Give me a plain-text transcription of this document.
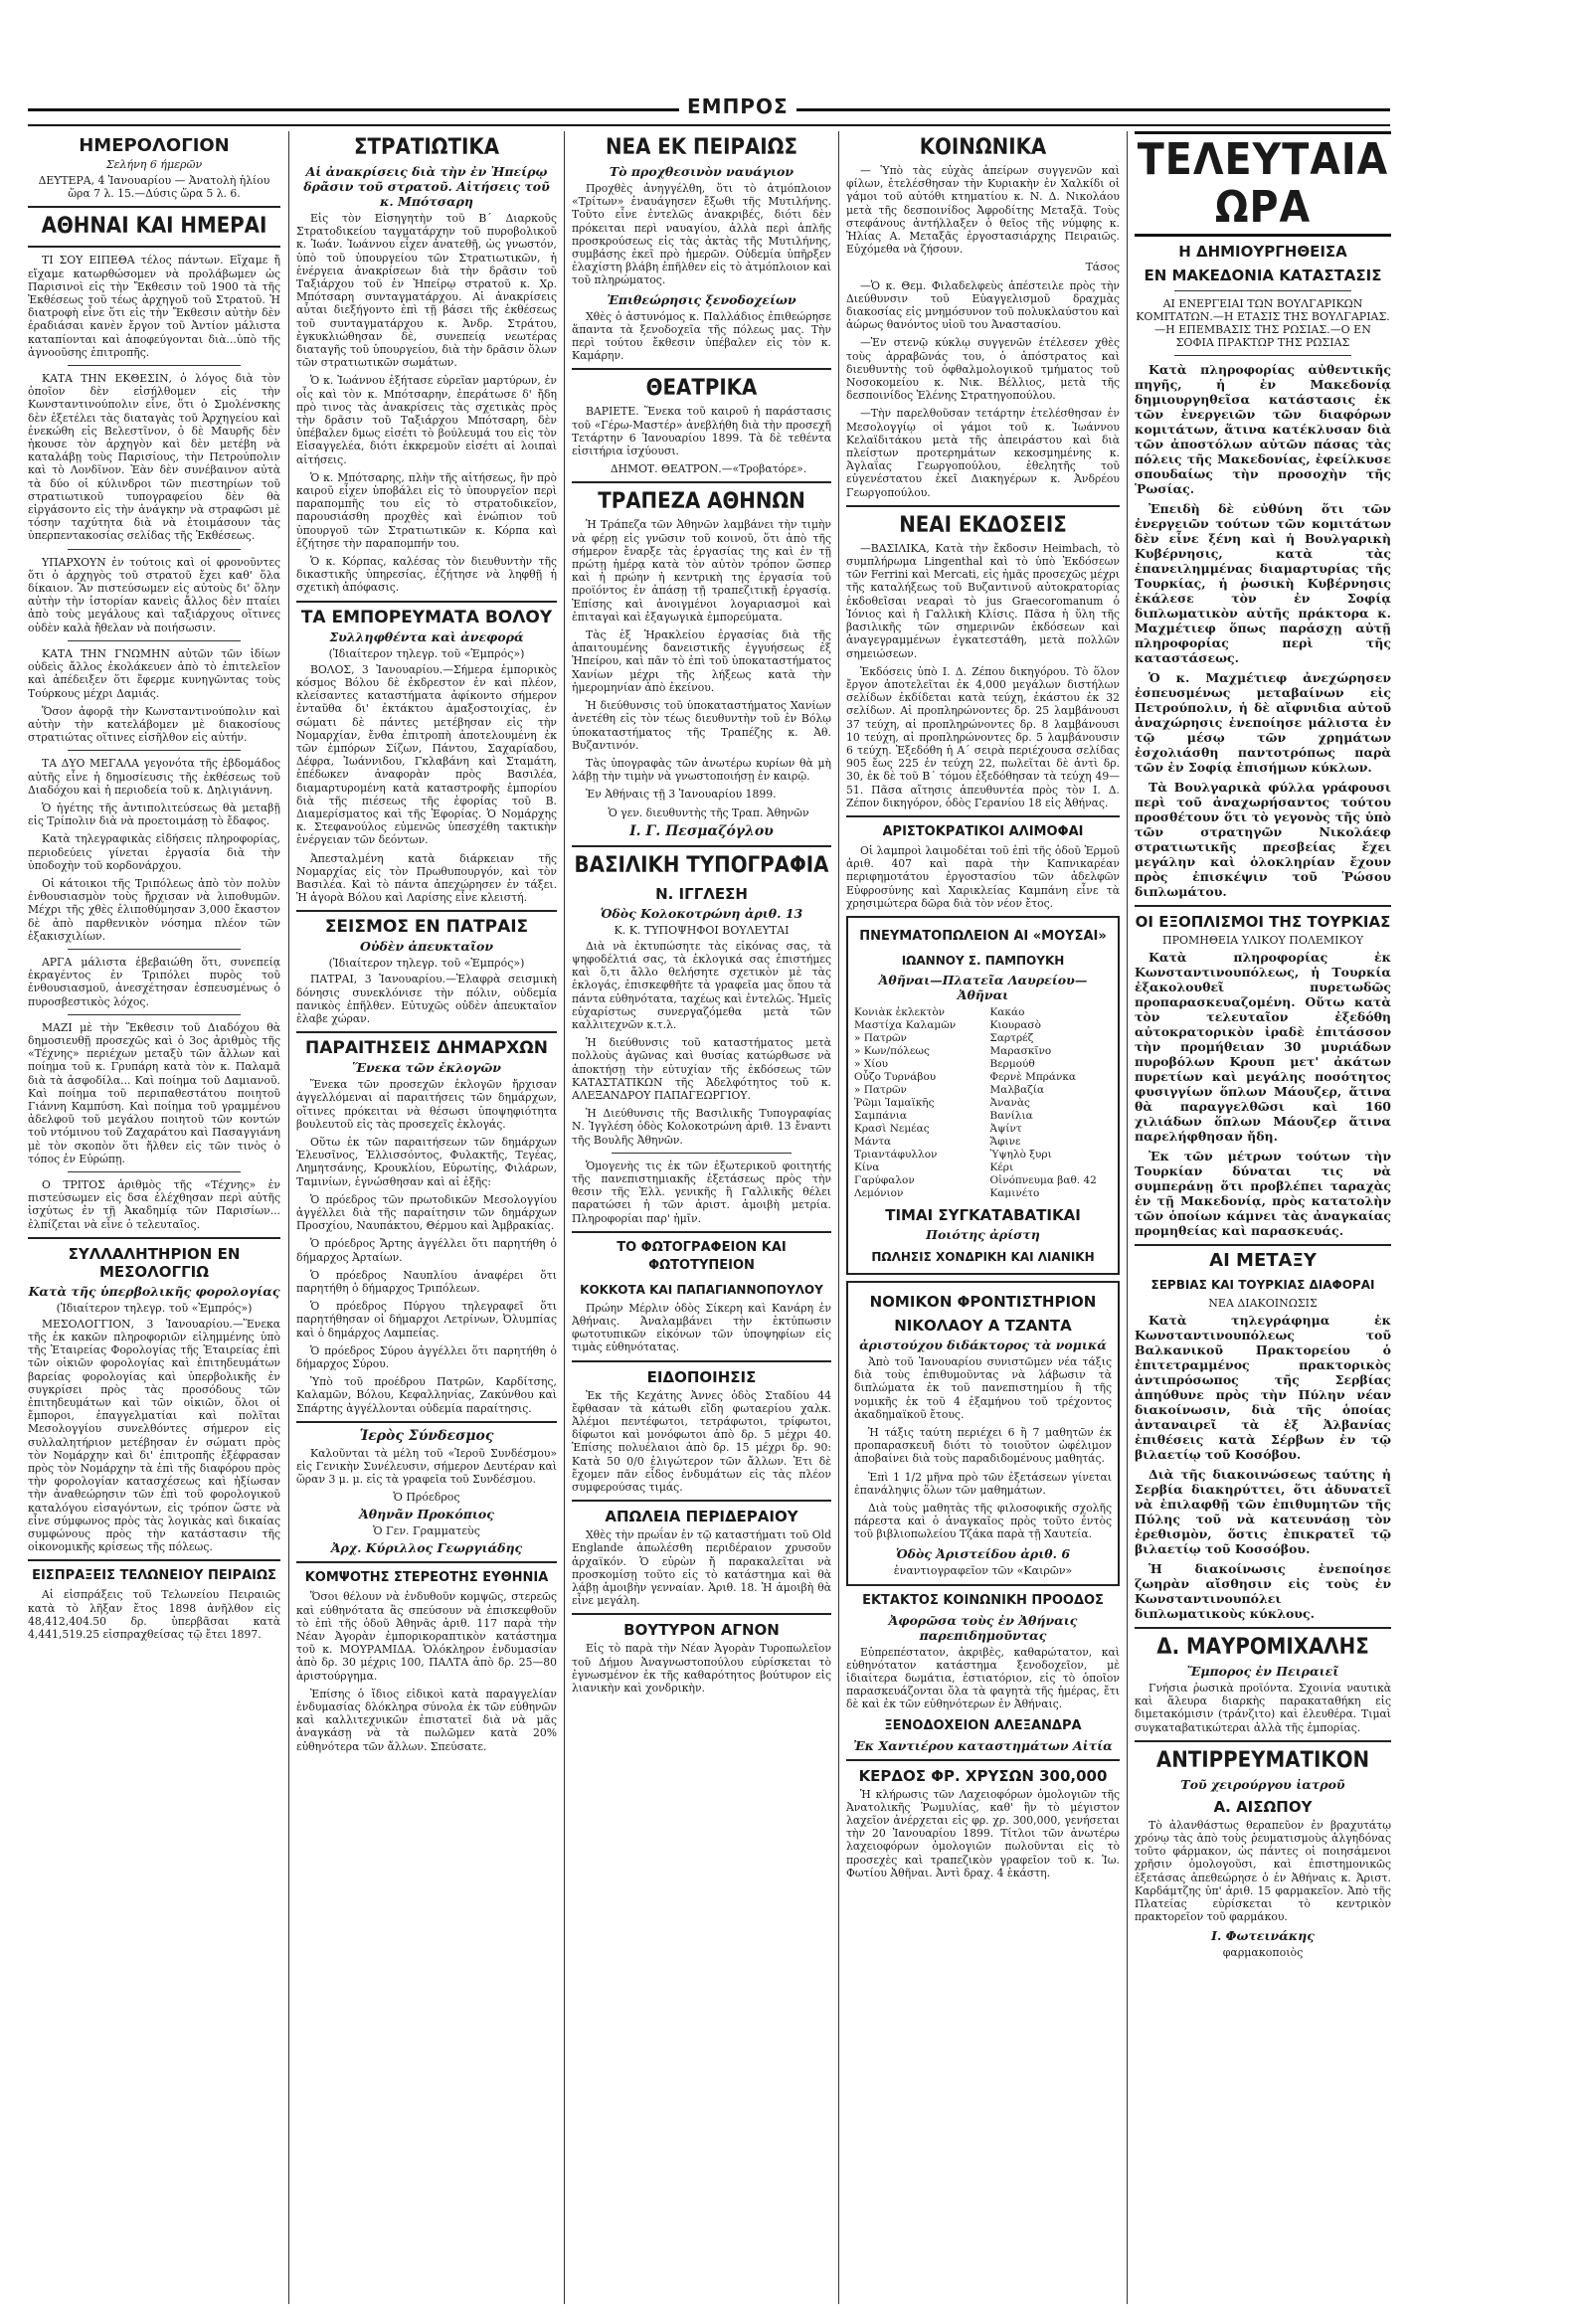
ΕΜΠΡΟΣ
ΗΜΕΡΟΛΟΓΙΟΝ
Σελήνη 6 ήμερῶν
ΔΕΥΤΕΡΑ, 4 Ἰανουαρίου — Ἀνατολὴ ἡλίου ὥρα 7 λ. 15.—Δύσις ὥρα 5 λ. 6.
ΑΘΗΝΑΙ ΚΑΙ ΗΜΕΡΑΙ

ΤΙ ΣΟΥ ΕΙΠΕΘΑ τέλος πάντων. Εἴχαμε ἤ εἴχαμε κατωρθώσομεν νὰ προλάβωμεν ὡς Παρισινοὶ εἰς τὴν Ἔκθεσιν τοῦ 1900 τὰ τῆς Ἐκθέσεως τοῦ τέως ἀρχηγοῦ τοῦ Στρατοῦ. Ἡ διατροφὴ εἶνε ὅτι εἰς τὴν Ἔκθεσιν αὐτὴν δὲν ἐραδιάσαι κανὲν ἔργον τοῦ Ἀντίον μάλιστα καταπίονται καὶ ἀποφεύγονται διὰ...ὑπὸ τῆς ἀγνοοῦσης ἐπιτροπῆς.

ΚΑΤΑ ΤΗΝ ΕΚΘΕΣΙΝ, ὁ λόγος διὰ τὸν ὁποῖον δὲν εἰσήλθομεν εἰς τὴν Κωνσταντινούπολιν εἶνε, ὅτι ὁ Σμολένσκης δὲν ἐξετέλει τὰς διαταγὰς τοῦ Ἀρχηγείου καὶ ἐνεκώθη εἰς Βελεστῖνον, ὁ δὲ Μαυρῆς δὲν ἠκουσε τὸν ἀρχηγὸν καὶ δὲν μετέβη νὰ καταλάβῃ τοὺς Παρισίους, τὴν Πετρούπολιν καὶ τὸ Λονδῖνον. Ἐὰν δὲν συνέβαινον αὐτὰ τὰ δύο οἱ κύλινδροι τῶν πιεστηρίων τοῦ στρατιωτικοῦ τυπογραφείου δὲν θὰ εἰργάσοντο εἰς τὴν ἀνάγκην νὰ στραφῶσι μὲ τόσην ταχύτητα διὰ νὰ ἑτοιμάσουν τὰς ὑπερπεντακοσίας σελίδας τῆς Ἐκθέσεως.

ΥΠΑΡΧΟΥΝ ἐν τούτοις καὶ οἱ φρονοῦντες ὅτι ὁ ἀρχηγὸς τοῦ στρατοῦ ἔχει καθ' ὅλα δίκαιον. Ἂν πιστεύσωμεν εἰς αὐτοὺς δι' ὅλην αὐτὴν τὴν ἱστορίαν κανεὶς ἄλλος δὲν πταίει ἀπὸ τοὺς μεγάλους καὶ ταξιάρχους οἵτινες οὐδὲν καλὰ ἤθελαν νὰ ποιήσωσιν.

ΚΑΤΑ ΤΗΝ ΓΝΩΜΗΝ αὐτῶν τῶν ἰδίων οὐδεὶς ἄλλος ἐκολάκευεν ἀπὸ τὸ ἐπιτελεῖον καὶ ἀπέδειξεν ὅτι ἔφερμε κυνηγῶντας τοὺς Τούρκους μέχρι Δαμιάς.

Ὅσον ἀφορᾷ τὴν Κωνσταντινούπολιν καὶ αὐτὴν τὴν κατελάβομεν μὲ διακοσίους στρατιώτας οἵτινες εἰσῆλθον εἰς αὐτήν.

ΤΑ ΔΥΟ ΜΕΓΑΛΑ γεγονότα τῆς ἑβδομάδος αὐτῆς εἶνε ἡ δημοσίευσις τῆς ἐκθέσεως τοῦ Διαδόχου καὶ ἡ περιοδεία τοῦ κ. Δηλιγιάννη.

Ὁ ἡγέτης τῆς ἀντιπολιτεύσεως θὰ μεταβῇ εἰς Τρίπολιν διὰ νὰ προετοιμάσῃ τὸ ἔδαφος.

Κατὰ τηλεγραφικὰς εἰδήσεις πληροφορίας, περιοδεύεις γίνεται ἐργασία διὰ τὴν ὑποδοχὴν τοῦ κορδονάρχου.

Οἱ κάτοικοι τῆς Τριπόλεως ἀπὸ τὸν πολὺν ἐνθουσιασμὸν τοὺς ἤρχισαν νὰ λιποθυμῶν. Μέχρι τῆς χθὲς ἐλιποθύμησαν 3,000 ἔκαστον δὲ ἀπὸ παρθενικὸν νόσημα πλέον τῶν ἑξακισχιλίων.

ΑΡΓΑ μάλιστα ἐβεβαιώθη ὅτι, συνεπείᾳ ἐκραγέντος ἐν Τριπόλει πυρὸς τοῦ ἐνθουσιασμοῦ, ἀνεσχέτησαν ἐσπευσμένως ὁ πυροσβεστικὸς λόχος.

ΜΑΖΙ μὲ τὴν Ἔκθεσιν τοῦ Διαδόχου θὰ δημοσιευθῇ προσεχῶς καὶ ὁ 3ος ἀριθμὸς τῆς «Τέχνης» περιέχων μεταξὺ τῶν ἄλλων καὶ ποίημα τοῦ κ. Γρυπάρη κατὰ τὸν κ. Παλαμᾶ διὰ τὰ ἀσφοδίλα... Καὶ ποίημα τοῦ Δαμιανοῦ. Καὶ ποίημα τοῦ περιπαθεστάτου ποιητοῦ Γιάννη Καμπύση. Καὶ ποίημα τοῦ γραμμένου ἀδελφοῦ τοῦ μεγάλου ποιητοῦ τῶν κοντών τοῦ ντόμινου τοῦ Ζαχαράτου καὶ Πασαγγιάνη μὲ τὸν σκοπὸν ὅτι ἤλθεν εἰς τῶν τινὸς ὁ τόπος ἐν Εὐρώπῃ.

Ο ΤΡΙΤΟΣ ἀριθμὸς τῆς «Τέχνης» ἐν πιστεύσωμεν εἰς δσα ἐλέχθησαν περὶ αὐτῆς ἰσχύτως ἐν τῇ Ἀκαδημίᾳ τῶν Παρισίων... ἐλπίζεται νὰ εἶνε ὁ τελευταῖος.

ΣΥΛΛΑΛΗΤΗΡΙΟΝ ΕΝ ΜΕΣΟΛΟΓΓΙΩ
Κατὰ τῆς ὑπερβολικῆς φορολογίας
(Ἰδιαίτερον τηλεγρ. τοῦ «Ἐμπρός»)

ΜΕΣΟΛΟΓΓΙΟΝ, 3 Ἰανουαρίου.—Ἕνεκα τῆς ἐκ κακῶν πληροφοριῶν εἰλημμένης ὑπὸ τῆς Ἐταιρείας Φορολογίας τῆς Ἑταιρείας ἐπὶ τῶν οἰκιῶν φορολογίας καὶ ἐπιτηδευμάτων βαρείας φορολογίας καὶ ὑπερβολικῆς ἐν συγκρίσει πρὸς τὰς προσόδους τῶν ἐπιτηδευμάτων καὶ τῶν οἰκιῶν, ὅλοι οἱ ἔμποροι, ἐπαγγελματίαι καὶ πολῖται Μεσολογγίου συνελθόντες σήμερον εἰς συλλαλητήριον μετέβησαν ἐν σώματι πρὸς τὸν Νομάρχην καὶ δι' ἐπιτροπῆς ἐξέφρασαν πρὸς τὸν Νομάρχην τὰ ἐπὶ τῆς διαφόρου πρὸς τὴν φορολογίαν κατασχέσεως καὶ ἠξίωσαν τὴν ἀναθεώρησιν τῶν ἐπὶ τοῦ φορολογικοῦ καταλόγου εἰσαγόντων, εἰς τρόπον ὥστε νὰ εἶνε σύμφωνος πρὸς τὰς λογικὰς καὶ δικαίας συμφώνους πρὸς τὴν κατάστασιν τῆς οἰκονομικῆς κρίσεως τῆς πόλεως.

ΕΙΣΠΡΑΞΕΙΣ ΤΕΛΩΝΕΙΟΥ ΠΕΙΡΑΙΩΣ

Αἱ εἰσπράξεις τοῦ Τελωνείου Πειραιῶς κατὰ τὸ λῆξαν ἔτος 1898 ἀνῆλθον εἰς 48,412,404.50 δρ. ὑπερβᾶσαι κατὰ 4,441,519.25 εἰσπραχθείσας τῷ ἔτει 1897.

ΣΤΡΑΤΙΩΤΙΚΑ
Αἱ ἀνακρίσεις διὰ τὴν ἐν Ἠπείρῳ δρᾶσιν τοῦ στρατοῦ. Αἰτήσεις τοῦ κ. Μπότσαρη

Εἰς τὸν Εἰσηγητὴν τοῦ Β΄ Διαρκοῦς Στρατοδικείου ταγματάρχην τοῦ πυροβολικοῦ κ. Ἰωάν. Ἰωάννου εἶχεν ἀνατεθῇ, ὡς γνωστόν, ὑπὸ τοῦ ὑπουργείου τῶν Στρατιωτικῶν, ἡ ἐνέργεια ἀνακρίσεων διὰ τὴν δρᾶσιν τοῦ Ταξιάρχου τοῦ ἐν Ἠπείρῳ στρατοῦ κ. Χρ. Μπότσαρη συνταγματάρχου. Αἱ ἀνακρίσεις αὗται διεξήγοντο ἐπὶ τῇ βάσει τῆς ἐκθέσεως τοῦ συνταγματάρχου κ. Ἀνδρ. Στράτου, ἐγκυκλιώθησαν δὲ, συνεπείᾳ νεωτέρας διαταγῆς τοῦ ὑπουργείου, διὰ τὴν δρᾶσιν ὅλων τῶν στρατιωτικῶν σωμάτων.

Ὁ κ. Ἰωάννου ἐξήτασε εὐρεῖαν μαρτύρων, ἐν οἷς καὶ τὸν κ. Μπότσαρην, ἐπεράτωσε δ' ἤδη πρὸ τινος τὰς ἀνακρίσεις τὰς σχετικὰς πρὸς τὴν δρᾶσιν τοῦ Ταξιάρχου Μπότσαρη, δὲν ὑπέβαλεν δμως εἰσέτι τὸ βούλευμά του εἰς τὸν Εἰσαγγελέα, διότι ἐκκρεμοῦν εἰσέτι αἱ λοιπαὶ αἰτήσεις.

Ὁ κ. Μπότσαρης, πλὴν τῆς αἰτήσεως, ἣν πρὸ καιροῦ εἶχεν ὑποβάλει εἰς τὸ ὑπουργεῖον περὶ παραπομπῆς του εἰς τὸ στρατοδικεῖον, παρουσιάσθη προχθὲς καὶ ἐνώπιον τοῦ ὑπουργοῦ τῶν Στρατιωτικῶν κ. Κόρπα καὶ ἐζήτησε τὴν παραπομπήν του.

Ὁ κ. Κόρπας, καλέσας τὸν διευθυντὴν τῆς δικαστικῆς ὑπηρεσίας, ἐζήτησε νὰ ληφθῇ ἡ σχετικὴ ἀπόφασις.

ΤΑ ΕΜΠΟΡΕΥΜΑΤΑ ΒΟΛΟΥ
Συλληφθέντα καὶ ἀνεφορά
(Ἰδιαίτερον τηλεγρ. τοῦ «Ἐμπρός»)

ΒΟΛΟΣ, 3 Ἰανουαρίου.—Σήμερα ἐμπορικὸς κόσμος Βόλου δὲ ἐκδρεστον ἐν καὶ πλέον, κλείσαντες καταστήματα ἀφίκοντο σήμερον ἐνταῦθα δι' ἐκτάκτου ἀμαξοστοιχίας, ἐν σώματι δὲ πάντες μετέβησαν εἰς τὴν Νομαρχίαν, ἔνθα ἐπιτροπὴ ἀποτελουμένη ἐκ τῶν ἐμπόρων Σίζων, Πάντου, Σαχαρίαδου, Δέφρα, Ἰωάννιδου, Γκλαβάνη καὶ Σταμάτη, ἐπέδωκεν ἀναφορὰν πρὸς Βασιλέα, διαμαρτυρομένη κατὰ καταστροφῆς ἐμπορίου διὰ τῆς πιέσεως τῆς ἐφορίας τοῦ Β. Διαμερίσματος καὶ τῆς Ἐφορίας. Ὁ Νομάρχης κ. Στεφανούλος εὐμενῶς ὑπεσχέθη τακτικὴν ἐνέργειαν τῶν δεόντων.

Ἀπεσταλμένη κατὰ διάρκειαν τῆς Νομαρχίας εἰς τὸν Πρωθυπουργόν, καὶ τὸν Βασιλέα. Καὶ τὸ πάντα ἀπεχώρησεν ἐν τάξει. Ἡ ἀγορὰ Βόλου καὶ Λαρίσης εἶνε κλειστή.

ΣΕΙΣΜΟΣ ΕΝ ΠΑΤΡΑΙΣ
Οὐδὲν ἀπευκταῖον
(Ἰδιαίτερον τηλεγρ. τοῦ «Ἐμπρός»)

ΠΑΤΡΑΙ, 3 Ἰανουαρίου.—Ἐλαφρὰ σεισμικὴ δόνησις συνεκλόνισε τὴν πόλιν, οὐδεμία πανικὸς ἐπῆλθεν. Εὐτυχῶς οὐδὲν ἀπευκταῖον ἐλαβε χώραν.

ΠΑΡΑΙΤΗΣΕΙΣ ΔΗΜΑΡΧΩΝ
Ἕνεκα τῶν ἐκλογῶν

Ἕνεκα τῶν προσεχῶν ἐκλογῶν ἤρχισαν ἀγγελλόμεναι αἱ παραιτήσεις τῶν δημάρχων, οἵτινες πρόκειται νὰ θέσωσι ὑποψηφιότητα βουλευτοῦ εἰς τὰς προσεχεῖς ἐκλογάς.

Οὕτω ἐκ τῶν παραιτήσεων τῶν δημάρχων Ἐλευσῖνος, Ἐλλισσόντος, Φυλακτῆς, Τεγέας, Λημητσάνης, Κρουκλίου, Εὐρωτίης, Φιλάρων, Ταμινίων, ἐγνώσθησαν καὶ αἱ ἑξῆς:

Ὁ πρόεδρος τῶν πρωτοδικῶν Μεσολογγίου ἀγγέλλει διὰ τῆς παραίτησιν τῶν δημάρχων Προσχίου, Ναυπάκτου, Θέρμου καὶ Ἀμβρακίας.

Ὁ πρόεδρος Ἄρτης ἀγγέλλει ὅτι παρητήθη ὁ δήμαρχος Ἀρταίων.

Ὁ πρόεδρος Ναυπλίου ἀναφέρει ὅτι παρητήθη ὁ δήμαρχος Τριπόλεων.

Ὁ πρόεδρος Πύργου τηλεγραφεῖ ὅτι παρητήθησαν οἱ δήμαρχοι Λετρίνων, Ὀλυμπίας καὶ ὁ δημάρχος Λαμπείας.

Ὁ πρόεδρος Σύρου ἀγγέλλει ὅτι παρητήθη ὁ δήμαρχος Σύρου.

Ὑπὸ τοῦ προέδρου Πατρῶν, Καρδίτσης, Καλαμῶν, Βόλου, Κεφαλληνίας, Ζακύνθου καὶ Σπάρτης ἀγγέλλονται οὐδεμία παραίτησις.

Ἱερὸς Σύνδεσμος

Καλοῦνται τὰ μέλη τοῦ «Ἱεροῦ Συνδέσμου» εἰς Γενικὴν Συνέλευσιν, σήμερον Δευτέραν καὶ ὥραν 3 μ. μ. εἰς τὰ γραφεῖα τοῦ Συνδέσμου.

Ὁ Πρόεδρος
Ἀθηνᾶν Προκόπιος
Ὁ Γεν. Γραμματεὺς
Ἀρχ. Κύριλλος Γεωργιάδης
ΚΟΜΨΟΤΗΣ ΣΤΕΡΕΟΤΗΣ ΕΥΘΗΝΙΑ

Ὅσοι θέλουν νὰ ἐνδυθοῦν κομψῶς, στερεῶς καὶ εὐθηνότατα ἃς σπεύσουν νὰ ἐπισκεφθοῦν τὸ ἐπὶ τῆς ὁδοῦ Ἀθηνᾶς ἀριθ. 117 παρὰ τὴν Νέαν Ἀγορὰν ἐμπορικοραπτικὸν κατάστημα τοῦ κ. ΜΟΥΡΑΜΙΔΑ. Ὁλόκληρον ἐνδυμασίαν ἀπὸ δρ. 30 μέχρις 100, ΠΑΛΤΑ ἀπὸ δρ. 25—80 ἀριστούργημα.

Ἐπίσης ὁ ἴδιος εἰδικοὶ κατὰ παραγγελίαν ἐνδυμασίας δλόκληρα σύνολα ἐκ τῶν εὐθηνῶν καὶ καλλιτεχνικῶν ἐπιστατεῖ διὰ νὰ μᾶς ἀναγκάσῃ νὰ τὰ πωλῶμεν κατὰ 20% εὐθηνότερα τῶν ἄλλων. Σπεύσατε.

ΝΕΑ ΕΚ ΠΕΙΡΑΙΩΣ
Τὸ προχθεσινὸν ναυάγιον

Προχθὲς ἀνηγγέλθη, ὅτι τὸ ἀτμόπλοιον «Τρίτων» ἐναυάγησεν ἔξωθι τῆς Μυτιλήνης. Τοῦτο εἶνε ἐντελῶς ἀνακριβές, διότι δὲν πρόκειται περὶ ναυαγίου, ἀλλὰ περὶ ἁπλῆς προσκρούσεως εἰς τὰς ἀκτὰς τῆς Μυτιλήνης, συμβάσης ἐκεῖ πρὸ ἡμερῶν. Οὐδεμία ὑπῆρξεν ἐλαχίστη βλάβη ἐπῆλθεν εἰς τὸ ἀτμόπλοιον καὶ τοῦ πληρώματος.

Ἐπιθεώρησις ξενοδοχείων

Χθὲς ὁ ἀστυνόμος κ. Παλλάδιος ἐπιθεώρησε ἅπαντα τὰ ξενοδοχεῖα τῆς πόλεως μας. Τὴν περὶ τούτου ἔκθεσιν ὑπέβαλεν εἰς τὸν κ. Καμάρην.

ΘΕΑΤΡΙΚΑ

ΒΑΡΙΕΤΕ. Ἕνεκα τοῦ καιροῦ ἡ παράστασις τοῦ «Γέρω-Μαστέρ» ἀνεβλήθη διὰ τὴν προσεχῆ Τετάρτην 6 Ἰανουαρίου 1899. Τὰ δὲ τεθέντα εἰσιτήρια ἰσχύουσι.

ΔΗΜΟΤ. ΘΕΑΤΡΟΝ.—«Τροβατόρε».

ΤΡΑΠΕΖΑ ΑΘΗΝΩΝ

Ἡ Τράπεζα τῶν Ἀθηνῶν λαμβάνει τὴν τιμὴν νὰ φέρῃ εἰς γνῶσιν τοῦ κοινοῦ, ὅτι ἀπὸ τῆς σήμερον ἔναρξε τὰς ἐργασίας της καὶ ἐν τῇ πρώτῃ ἡμέρᾳ κατὰ τὸν αὐτὸν τρόπον ὥσπερ καὶ ἡ πρώην ἡ κεντρικὴ της ἐργασία τοῦ προϊόντος ἐν ἀπάσῃ τῇ τραπεζιτικῇ ἐργασίᾳ. Ἐπίσης καὶ ἀνοιγμένοι λογαριασμοὶ καὶ ἐπιταγαὶ καὶ ἐξαγωγικὰ ἐμπορεύματα.

Τὰς ἐξ Ἡρακλείου ἐργασίας διὰ τῆς ἀπαιτουμένης δανειστικῆς ἐγγυήσεως ἐξ Ἠπείρου, καὶ πᾶν τὸ ἐπὶ τοῦ ὑποκαταστήματος Χανίων μέχρι τῆς λήξεως κατὰ τὴν ἡμερομηνίαν ἀπὸ ἐκείνου.

Ἡ διεύθυνσις τοῦ ὑποκαταστήματος Χανίων ἀνετέθη εἰς τὸν τέως διευθυντὴν τοῦ ἐν Βόλῳ ὑποκαταστήματος τῆς Τραπέζης κ. Ἀθ. Βυζαντινόν.

Τὰς ὑπογραφὰς τῶν ἀνωτέρω κυρίων θὰ μὴ λάβῃ τὴν τιμὴν νὰ γνωστοποιήσῃ ἐν καιρῷ.

Ἐν Ἀθήναις τῇ 3 Ἰανουαρίου 1899.

Ὁ γεν. διευθυντὴς τῆς Τραπ. Ἀθηνῶν

Ι. Γ. Πεσμαζόγλου
ΒΑΣΙΛΙΚΗ ΤΥΠΟΓΡΑΦΙΑ
Ν. ΙΓΓΛΕΣΗ
Ὁδὸς Κολοκοτρώνη ἀριθ. 13
Κ. Κ. ΤΥΠΟΨΗΦΟΙ ΒΟΥΛΕΥΤΑΙ

Διὰ νὰ ἐκτυπώσητε τὰς εἰκόνας σας, τὰ ψηφοδέλτιά σας, τὰ ἐκλογικά σας ἐπιστήμες καὶ ὅ,τι ἄλλο θελήσητε σχετικὸν μὲ τὰς ἐκλογάς, ἐπισκεφθῆτε τὰ γραφεῖα μας ὅπου τὰ πάντα εὐθηνότατα, ταχέως καὶ ἐντελῶς. Ἡμεῖς εὐχαρίστως συνεργαζόμεθα μετὰ τῶν καλλιτεχνῶν κ.τ.λ.

Ἡ διεύθυνσις τοῦ καταστήματος μετὰ πολλοὺς ἀγῶνας καὶ θυσίας κατώρθωσε νὰ ἀποκτήσῃ τὴν εὐτυχίαν τῆς ἐκδόσεως τῶν ΚΑΤΑΣΤΑΤΙΚΩΝ τῆς Ἀδελφότητος τοῦ κ. ΑΛΕΞΑΝΔΡΟΥ ΠΑΠΑΓΕΩΡΓΙΟΥ.

Ἡ Διεύθυνσις τῆς Βασιλικῆς Τυπογραφίας Ν. Ἰγγλέση ὁδὸς Κολοκοτρώνη ἀριθ. 13 ἔναντι τῆς Βουλῆς Ἀθηνῶν.

Ὁμογενὴς τις ἐκ τῶν ἐξωτερικοῦ φοιτητής τῆς πανεπιστημιακῆς ἐξετάσεως πρὸς τὴν θεσιν τῆς Ἑλλ. γενικῆς ἢ Γαλλικῆς θέλει παρατώσει ἡ τῶν ἀριστ. ἀμοιβὴ μετρία. Πληροφορίαι παρ' ἡμῖν.

ΤΟ ΦΩΤΟΓΡΑΦΕΙΟΝ ΚΑΙ ΦΩΤΟΤΥΠΕΙΟΝ
ΚΟΚΚΟΤΑ ΚΑΙ ΠΑΠΑΓΙΑΝΝΟΠΟΥΛΟΥ

Πρώην Μέρλιν ὁδὸς Σίκερη καὶ Κανάρη ἐν Ἀθήναις. Ἀναλαμβάνει τὴν ἐκτύπωσιν φωτοτυπικῶν εἰκόνων τῶν ὑποψηφίων εἰς τιμὰς εὐθηνότατας.

ΕΙΔΟΠΟΙΗΣΙΣ

Ἐκ τῆς Κεχάτης Ἀννες ὁδὸς Σταδίου 44 ἔφθασαν τὰ κάτωθι εἴδη φωταερίου χαλκ. Ἀλέμοι πεντέφωτοι, τετράφωτοι, τρίφωτοι, δίφωτοι καὶ μονόφωτοι ἀπὸ δρ. 5 μέχρι 40. Ἐπίσης πολυέλαιοι ἀπὸ δρ. 15 μέχρι δρ. 90: Κατὰ 50 0/0 ἐλιγώτερον τῶν ἄλλων. Ἐτι δὲ ἔχομεν πᾶν εἶδος ἐνδυμάτων εἰς τὰς πλέον συμφερούσας τιμάς.

ΑΠΩΛΕΙΑ ΠΕΡΙΔΕΡΑΙΟΥ

Χθὲς τὴν πρωΐαν ἐν τῷ καταστήματι τοῦ Old Englande ἀπωλέσθη περιδέραιον χρυσοῦν ἀρχαϊκόν. Ὁ εὑρὼν ἤ παρακαλεῖται νὰ προσκομίσῃ τοῦτο εἰς τὸ κατάστημα καὶ θὰ λάβῃ ἀμοιβὴν γενναίαν. Ἀριθ. 18. Ἡ ἀμοιβὴ θὰ εἶνε μεγάλη.

ΒΟΥΤΥΡΟΝ ΑΓΝΟΝ

Εἰς τὸ παρὰ τὴν Νέαν Ἀγορὰν Τυροπωλεῖον τοῦ Δήμου Ἀναγνωστοπούλου εὑρίσκεται τὸ ἐγνωσμένον ἐκ τῆς καθαρότητος βούτυρον εἰς λιανικὴν καὶ χονδρικὴν.

ΚΟΙΝΩΝΙΚΑ

— Ὑπὸ τὰς εὐχὰς ἀπείρων συγγενῶν καὶ φίλων, ἐτελέσθησαν τὴν Κυριακὴν ἐν Χαλκίδι οἱ γάμοι τοῦ αὐτόθι κτηματίου κ. Ν. Δ. Νικολάου μετὰ τῆς δεσποινίδος Ἀφροδίτης Μεταξᾶ. Τοὺς στεφάνους ἀντήλλαξεν ὁ θεῖος τῆς νύμφης κ. Ἠλίας Α. Μεταξᾶς ἐργοστασιάρχης Πειραιῶς. Εὐχόμεθα νὰ ζήσουν.

Τάσος

—Ὁ κ. Θεμ. Φιλαδελφεὺς ἀπέστειλε πρὸς τὴν Διεύθυνσιν τοῦ Εὐαγγελισμοῦ δραχμὰς διακοσίας εἰς μνημόσυνον τοῦ πολυκλαύστου καὶ ἀώρως θανόντος υἱοῦ του Ἀναστασίου.

—Ἐν στενῷ κύκλῳ συγγενῶν ἐτέλεσεν χθὲς τοὺς ἀρραβῶνάς του, ὁ ἀπόστρατος καὶ διευθυντὴς τοῦ ὀφθαλμολογικοῦ τμήματος τοῦ Νοσοκομείου κ. Νικ. Βέλλιος, μετὰ τῆς δεσποινίδος Ἑλένης Στρατηγοπούλου.

—Τὴν παρελθοῦσαν τετάρτην ἐτελέσθησαν ἐν Μεσολογγίῳ οἱ γάμοι τοῦ κ. Ἰωάννου Κελαϊδιτάκου μετὰ τῆς ἀπειράστου καὶ διὰ πλείστων προτερημάτων κεκοσμημένης κ. Ἀγλαΐας Γεωργοπούλου, ἐθελητῆς τοῦ εὐγενέστατου ἐκεῖ Διακηγέρων κ. Ἀνδρέου Γεωργοπούλου.

ΝΕΑΙ ΕΚΔΟΣΕΙΣ

—ΒΑΣΙΛΙΚΑ, Κατὰ τὴν ἔκδοσιν Heimbach, τὸ συμπλήρωμα Lingenthal καὶ τὸ ὑπὸ Ἐκδόσεων τῶν Ferrini καὶ Mercati, εἰς ἡμᾶς προσεχῶς μέχρι τῆς καταλήξεως τοῦ Βυζαντινοῦ αὐτοκρατορίας ἐκδοθεῖσαι νεαραὶ τὸ jus Graecoromanum ὁ Ἰόνιος καὶ ἡ Γαλλικὴ Κλίσις. Πᾶσα ἡ ὕλη τῆς βασιλικῆς τῶν σημερινῶν ἐκδόσεων καὶ ἀναγεγραμμένων ἐγκατεστάθη, μετὰ πολλῶν σημειώσεων.

Ἐκδόσεις ὑπὸ Ι. Δ. Ζέπου δικηγόρου. Τὸ ὅλον ἔργον ἀποτελεῖται ἐκ 4,000 μεγάλων διστήλων σελίδων ἐκδίδεται κατὰ τεύχη, ἑκάστου ἐκ 32 σελίδων. Αἱ προπληρώνοντες δρ. 25 λαμβάνουσι 37 τεύχη, αἱ προπληρώνοντες δρ. 8 λαμβάνουσι 10 τεύχη, αἱ προπληρώνοντες δρ. 5 λαμβάνουσιν 6 τεύχη. Ἐξεδόθη ἡ Α΄ σειρὰ περιέχουσα σελίδας 905 ἔως 225 ἐν τεύχη 22, πωλεῖται δὲ ἀντὶ δρ. 30, ἐκ δὲ τοῦ Β΄ τόμου ἐξεδόθησαν τὰ τεύχη 49—51. Πᾶσα αἴτησις ἀπευθυντέα πρὸς τὸν Ι. Δ. Ζέπον δικηγόρον, ὁδὸς Γερανίου 18 εἰς Ἀθήνας.

ΑΡΙΣΤΟΚΡΑΤΙΚΟΙ ΑΛΙΜΟΦΑΙ

Οἱ λαμπροὶ λαιμοδέται τοῦ ἐπὶ τῆς ὁδοῦ Ἑρμοῦ ἀριθ. 407 καὶ παρὰ τὴν Καπνικαρέαν περιφημοτάτου ἐργοστασίου τῶν ἀδελφῶν Εὐφροσύνης καὶ Χαρικλείας Καμπάνη εἶνε τὰ χρησιμώτερα δῶρα διὰ τὸν νέον ἔτος.

ΠΝΕΥΜΑΤΟΠΩΛΕΙΟΝ ΑΙ «ΜΟΥΣΑΙ»
ΙΩΑΝΝΟΥ Σ. ΠΑΜΠΟΥΚΗ
Ἀθῆναι—Πλατεῖα Λαυρείου—Ἀθῆναι
Κονιὰκ ἐκλεκτὸν
Μαστίχα Καλαμῶν
» Πατρῶν
» Κων/πόλεως
» Χίου
Οὖζο Τυρνάβου
» Πατρῶν
Ῥῶμι Ἰαμαϊκῆς
Σαμπάνια
Κρασὶ Νεμέας
Μάντα
Τριαντάφυλλον
Κίνα
Γαρύφαλον
Λεμόνιον
Κακάο
Κιουρασὸ
Σαρτρέζ
Μαρασκῖνο
Βερμούθ
Φερνὲ Μπράνκα
Μαλβαζία
Ἀνανὰς
Βανίλια
Ἀψίντ
Ἄφινε
Ὑψηλὸ ξυρι
Κέρι
Οἰνόπνευμα βαθ. 42
Καμινέτο
ΤΙΜΑΙ ΣΥΓΚΑΤΑΒΑΤΙΚΑΙ
Ποιότης ἀρίστη
ΠΩΛΗΣΙΣ ΧΟΝΔΡΙΚΗ ΚΑΙ ΛΙΑΝΙΚΗ
ΝΟΜΙΚΟΝ ΦΡΟΝΤΙΣΤΗΡΙΟΝ
ΝΙΚΟΛΑΟΥ Α ΤΖΑΝΤΑ
ἀριστούχου διδάκτορος τὰ νομικά

Ἀπὸ τοῦ Ἰανουαρίου συνιστῶμεν νέα τάξις διὰ τοὺς ἐπιθυμοῦντας νὰ λάβωσιν τὰ διπλώματα ἐκ τοῦ πανεπιστημίου ἢ τῆς νομικῆς ἐκ τοῦ 4 ἑξαμήνου τοῦ τρέχοντος ἀκαδημαϊκοῦ ἔτους.

Ἡ τάξις ταύτη περιέχει 6 ἢ 7 μαθητῶν ἐκ προπαρασκευῆ διότι τὸ τοιοῦτον ὠφέλιμον ἀποβαίνει διὰ τοὺς παραδιδομένους μαθητάς.

Ἐπὶ 1 1/2 μῆνα πρὸ τῶν ἐξετάσεων γίνεται ἐπανάληψις ὅλων τῶν μαθημάτων.

Διὰ τοὺς μαθητὰς τῆς φιλοσοφικῆς σχολῆς πάρεστα καὶ ὁ ἀναγκαῖος πρὸς τοῦτο ἐντὸς τοῦ βιβλιοπωλείου Τζάκα παρὰ τῇ Χαυτεία.

Ὁδὸς Ἀριστείδου ἀριθ. 6
ἐναντιογραφεῖον τῶν «Καιρῶν»
ΕΚΤΑΚΤΟΣ ΚΟΙΝΩΝΙΚΗ ΠΡΟΟΔΟΣ
Ἀφορῶσα τοὺς ἐν Ἀθήναις παρεπιδημοῦντας

Εὐπρεπέστατον, ἀκριβὲς, καθαρώτατον, καὶ εὐθηνότατον κατάστημα ξενοδοχεῖον, μὲ ἰδιαίτερα δωμάτια, ἑστιατόριον, εἰς τὸ ὁποῖον παρασκευάζονται ὅλα τὰ φαγητὰ τῆς ἡμέρας, ἔτι δὲ καὶ ἐκ τῶν εὐθηνότερων ἐν Ἀθήναις.

ΞΕΝΟΔΟΧΕΙΟΝ ΑΛΕΞΑΝΔΡΑ
Ἐκ Χαντιέρου καταστημάτων Αἰτία
ΚΕΡΔΟΣ ΦΡ. ΧΡΥΣΩΝ 300,000

Ἡ κλήρωσις τῶν Λαχειοφόρων ὁμολογιῶν τῆς Ἀνατολικῆς Ῥωμυλίας, καθ' ἣν τὸ μέγιστον λαχεῖον ἀνέρχεται εἰς φρ. χρ. 300,000, γενήσεται τὴν 20 Ἰανουαρίου 1899. Τίτλοι τῶν ἀνωτέρω λαχειοφόρων ὁμολογιῶν πωλοῦνται εἰς τὸ προσεχὲς καὶ τραπεζικὸν γραφεῖον τοῦ κ. Ἰω. Φωτίου Ἀθῆναι. Ἀντὶ δραχ. 4 ἑκάστη.

ΤΕΛΕΥΤΑΙΑ ΩΡΑ
Η ΔΗΜΙΟΥΡΓΗΘΕΙΣΑ
ΕΝ ΜΑΚΕΔΟΝΙΑ ΚΑΤΑΣΤΑΣΙΣ
ΑΙ ΕΝΕΡΓΕΙΑΙ ΤΩΝ ΒΟΥΛΓΑΡΙΚΩΝ ΚΟΜΙΤΑΤΩΝ.—Η ΕΤΑΣΙΣ ΤΗΣ ΒΟΥΛΓΑΡΙΑΣ.—Η ΕΠΕΜΒΑΣΙΣ ΤΗΣ ΡΩΣΙΑΣ.—Ο ΕΝ ΣΟΦΙΑ ΠΡΑΚΤΩΡ ΤΗΣ ΡΩΣΙΑΣ

Κατὰ πληροφορίας αὐθεντικῆς πηγῆς, ἡ ἐν Μακεδονίᾳ δημιουργηθεῖσα κατάστασις ἐκ τῶν ἐνεργειῶν τῶν διαφόρων κομιτάτων, ἅτινα κατέκλυσαν διὰ τῶν ἀποστόλων αὐτῶν πάσας τὰς πόλεις τῆς Μακεδονίας, ἐφείλκυσε σπουδαίως τὴν προσοχὴν τῆς Ῥωσίας.

Ἐπειδὴ δὲ εὐθύνη ὅτι τῶν ἐνεργειῶν τούτων τῶν κομιτάτων δὲν εἶνε ξένη καὶ ἡ Βουλγαρικὴ Κυβέρνησις, κατὰ τὰς ἐπανειλημμένας διαμαρτυρίας τῆς Τουρκίας, ἡ ῥωσικὴ Κυβέρνησις ἐκάλεσε τὸν ἐν Σοφίᾳ διπλωματικὸν αὐτῆς πράκτορα κ. Μαχμέτιεφ ὅπως παράσχῃ αὐτῇ πληροφορίας περὶ τῆς καταστάσεως.

Ὁ κ. Μαχμέτιεφ ἀνεχώρησεν ἐσπευσμένως μεταβαίνων εἰς Πετρούπολιν, ἡ δὲ αἴφνιδια αὐτοῦ ἀναχώρησις ἐνεποίησε μάλιστα ἐν τῷ μέσῳ τῶν χρημάτων ἐσχολιάσθη παντοτρόπως παρὰ τῶν ἐν Σοφίᾳ ἐπισήμων κύκλων.

Τὰ Βουλγαρικὰ φύλλα γράφουσι περὶ τοῦ ἀναχωρήσαντος τούτου προσθέτουν ὅτι τὸ γεγονὸς τῆς ὑπὸ τῶν στρατηγῶν Νικολάεφ στρατιωτικῆς πρεσβείας ἔχει μεγάλην καὶ ὁλοκληρίαν ἔχουν πρὸς ἐπισκέψιν τοῦ Ῥώσου διπλωμάτου.

ΟΙ ΕΞΟΠΛΙΣΜΟΙ ΤΗΣ ΤΟΥΡΚΙΑΣ
ΠΡΟΜΗΘΕΙΑ ΥΛΙΚΟΥ ΠΟΛΕΜΙΚΟΥ

Κατὰ πληροφορίας ἐκ Κωνσταντινουπόλεως, ἡ Τουρκία ἐξακολουθεῖ πυρετωδῶς προπαρασκευαζομένη. Οὕτω κατὰ τὸν τελευταῖον ἐξεδόθη αὐτοκρατορικὸν ἰραδὲ ἐπιτάσσον τὴν προμήθειαν 30 μυριάδων πυροβόλων Κρουπ μετ' ἀκάτων πυρετίων καὶ μεγάλης ποσότητος φυσιγγίων ὅπλων Μάουζερ, ἅτινα θὰ παραγγελθῶσι καὶ 160 χιλιάδων ὅπλων Μάουζερ ἅτινα παρελήφθησαν ἤδη.

Ἐκ τῶν μέτρων τούτων τὴν Τουρκίαν δύναται τις νὰ συμπεράνῃ ὅτι προβλέπει ταραχὰς ἐν τῇ Μακεδονίᾳ, πρὸς κατατολὴν τῶν ὁποίων κάμνει τὰς ἀναγκαίας προμηθείας καὶ παρασκευάς.

ΑΙ ΜΕΤΑΞΥ
ΣΕΡΒΙΑΣ ΚΑΙ ΤΟΥΡΚΙΑΣ ΔΙΑΦΟΡΑΙ
ΝΕΑ ΔΙΑΚΟΙΝΩΣΙΣ

Κατὰ τηλεγράφημα ἐκ Κωνσταντινουπόλεως τοῦ Βαλκανικοῦ Πρακτορείου ὁ ἐπιτετραμμένος πρακτορικὸς ἀντιπρόσωπος τῆς Σερβίας ἀπηύθυνε πρὸς τὴν Πύλην νέαν διακοίνωσιν, διὰ τῆς ὁποίας ἀνταναιρεῖ τὰ ἐξ Ἀλβανίας ἐπιθέσεις κατὰ Σέρβων ἐν τῷ βιλαετίῳ τοῦ Κοσόβου.

Διὰ τῆς διακοινώσεως ταύτης ἡ Σερβία διακηρύττει, ὅτι ἀδυνατεῖ νὰ ἐπιλαφθῇ τῶν ἐπιθυμητῶν τῆς Πύλης τοῦ νὰ κατευνάσῃ τὸν ἐρεθισμὸν, ὅστις ἐπικρατεῖ τῷ βιλαετίῳ τοῦ Κοσσόβου.

Ἡ διακοίνωσις ἐνεποίησε ζωηρὰν αἴσθησιν εἰς τοὺς ἐν Κωνσταντινουπόλει διπλωματικοὺς κύκλους.

Δ. ΜΑΥΡΟΜΙΧΑΛΗΣ
Ἔμπορος ἐν Πειραιεῖ

Γνήσια ῥωσικὰ προϊόντα. Σχοινία ναυτικὰ καὶ ἅλευρα διαρκὴς παρακαταθήκη εἰς διμετακόμισιν (τράνζιτο) καὶ ἐλευθέρα. Τιμαὶ συγκαταβατικώτεραι ἀλλὰ τῆς ἐμπορίας.

ΑΝΤΙΡΡΕΥΜΑΤΙΚΟΝ
Τοῦ χειρούργου ἰατροῦ
Α. ΑΙΣΩΠΟΥ

Τὸ ἀλανθάστως θεραπεῦον ἐν βραχυτάτῳ χρόνῳ τὰς ἀπὸ τοὺς ῥευματισμοὺς ἀλγηδόνας τοῦτο φάρμακον, ὡς πάντες οἱ ποιησάμενοι χρῆσιν ὁμολογοῦσι, καὶ ἐπιστημονικῶς ἐξετάσας ἀπεθεώρησε ὁ ἐν Ἀθήναις κ. Ἀριστ. Καρδάμτζης ὑπ' ἀριθ. 15 φαρμακεῖον. Ἀπὸ τῆς Πλατείας εὑρίσκεται τὸ κεντρικὸν πρακτορεῖον τοῦ φαρμάκου.

Ι. Φωτεινάκης
φαρμακοποιὸς
